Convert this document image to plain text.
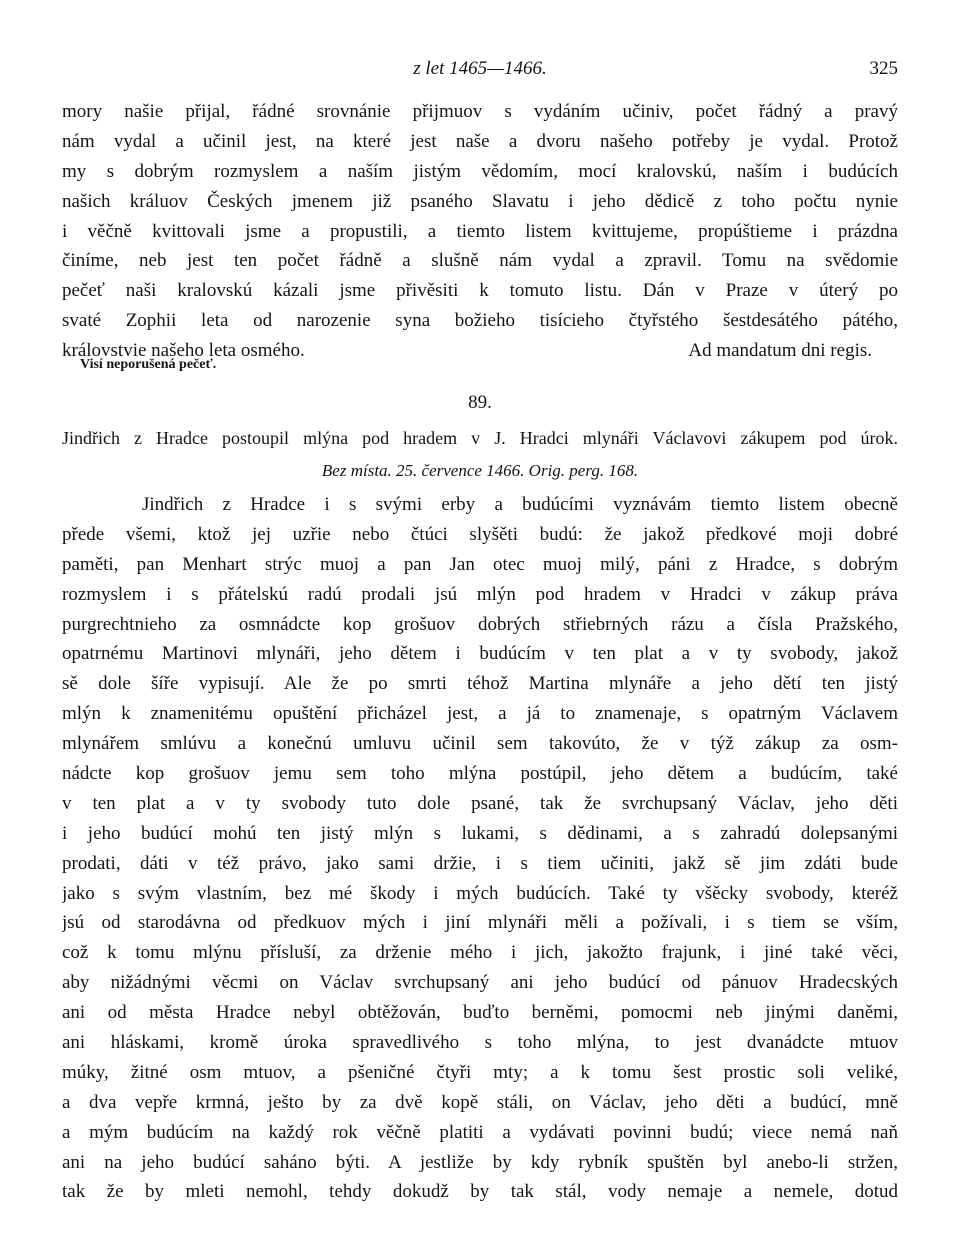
z let 1465—1466.	325
mory našie přijal, řádné srovnánie přijmuov s vydáním učiniv, počet řádný a pravý
nám vydal a učinil jest, na které jest naše a dvoru našeho potřeby je vydal. Protož
my s dobrým rozmyslem a naším jistým vědomím, mocí kralovskú, naším i budúcích
našich králuov Českých jmenem již psaného Slavatu i jeho dědicě z toho počtu nynie
i věčně kvittovali jsme a propustili, a tiemto listem kvittujeme, propúštieme i prázdna
činíme, neb jest ten počet řádně a slušně nám vydal a zpravil. Tomu na svědomie
pečeť naši kralovskú kázali jsme přivěsiti k tomuto listu. Dán v Praze v úterý po
svaté Zophii leta od narozenie syna božieho tisícieho čtyřstého šestdesátého pátého,
královstvie našeho leta osmého.	Ad mandatum dni regis.
Visí neporušená pečeť.
89.
Jindřich z Hradce postoupil mlýna pod hradem v J. Hradci mlynáři Václavovi zákupem pod úrok.
Bez místa. 25. července 1466. Orig. perg. 168.
Jindřich z Hradce i s svými erby a budúcími vyznávám tiemto listem obecně
přede všemi, ktož jej uzřie nebo čtúci slyšěti budú: že jakož předkové moji dobré
paměti, pan Menhart strýc muoj a pan Jan otec muoj milý, páni z Hradce, s dobrým
rozmyslem i s přátelskú radú prodali jsú mlýn pod hradem v Hradci v zákup práva
purgrechtnieho za osmnádcte kop grošuov dobrých střiebrných rázu a čísla Pražského,
opatrnému Martinovi mlynáři, jeho dětem i budúcím v ten plat a v ty svobody, jakož
sě dole šíře vypisují. Ale že po smrti téhož Martina mlynáře a jeho dětí ten jistý
mlýn k znamenitému opuštění přicházel jest, a já to znamenaje, s opatrným Václavem
mlynářem smlúvu a konečnú umluvu učinil sem takovúto, že v týž zákup za osm-
nádcte kop grošuov jemu sem toho mlýna postúpil, jeho dětem a budúcím, také
v ten plat a v ty svobody tuto dole psané, tak že svrchupsaný Václav, jeho děti
i jeho budúcí mohú ten jistý mlýn s lukami, s dědinami, a s zahradú dolepsanými
prodati, dáti v též právo, jako sami držie, i s tiem učiniti, jakž sě jim zdáti bude
jako s svým vlastním, bez mé škody i mých budúcích. Také ty všěcky svobody, kteréž
jsú od starodávna od předkuov mých i jiní mlynáři měli a požívali, i s tiem se vším,
což k tomu mlýnu přísluší, za drženie mého i jich, jakožto frajunk, i jiné také věci,
aby nižádnými věcmi on Václav svrchupsaný ani jeho budúcí od pánuov Hradecských
ani od města Hradce nebyl obtěžován, buďto berněmi, pomocmi neb jinými daněmi,
ani hláskami, kromě úroka spravedlivého s toho mlýna, to jest dvanádcte mtuov
múky, žitné osm mtuov, a pšeničné čtyři mty; a k tomu šest prostic soli veliké,
a dva vepře krmná, ješto by za dvě kopě stáli, on Václav, jeho děti a budúcí, mně
a mým budúcím na každý rok věčně platiti a vydávati povinni budú; viece nemá naň
ani na jeho budúcí saháno býti. A jestliže by kdy rybník spuštěn byl anebo-li stržen,
tak že by mleti nemohl, tehdy dokudž by tak stál, vody nemaje a nemele, dotud
